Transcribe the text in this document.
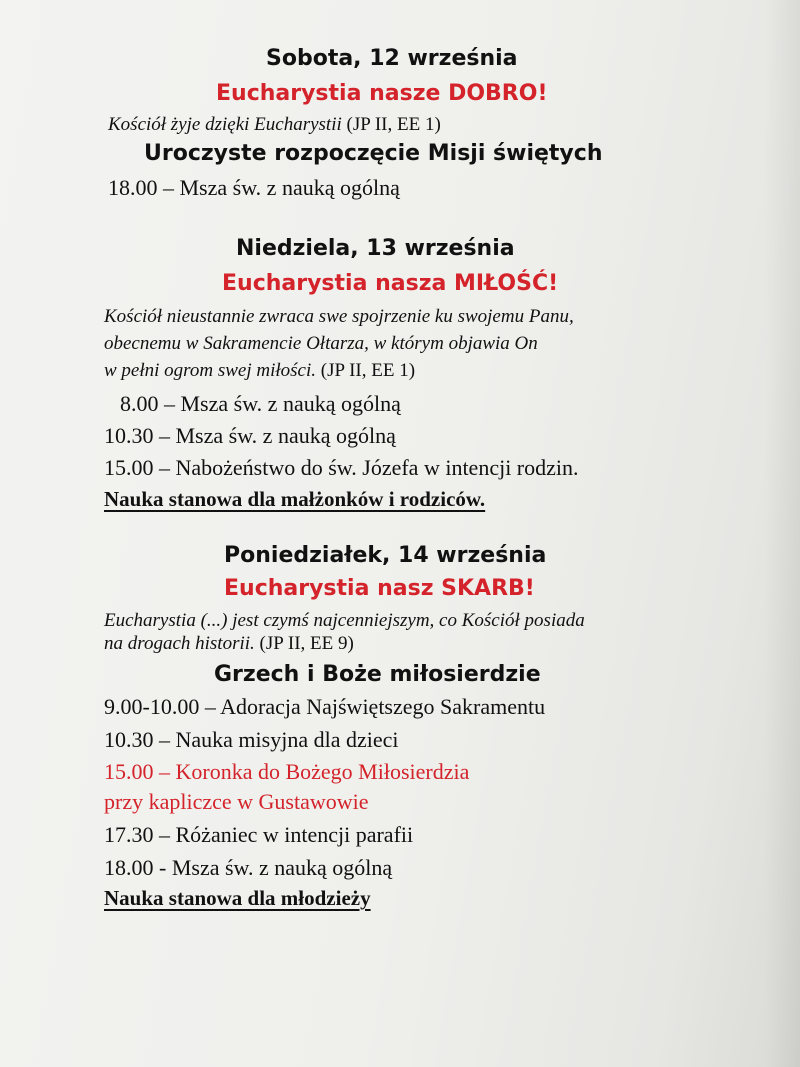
Sobota, 12 września
Eucharystia nasze DOBRO!
Kościół żyje dzięki Eucharystii (JP II, EE 1)
Uroczyste rozpoczęcie Misji świętych
18.00 – Msza św. z nauką ogólną
Niedziela, 13 września
Eucharystia nasza MIŁOŚĆ!
Kościół nieustannie zwraca swe spojrzenie ku swojemu Panu,
obecnemu w Sakramencie Ołtarza, w którym objawia On
w pełni ogrom swej miłości. (JP II, EE 1)
8.00 – Msza św. z nauką ogólną
10.30 – Msza św. z nauką ogólną
15.00 – Nabożeństwo do św. Józefa w intencji rodzin.
Nauka stanowa dla małżonków i rodziców.
Poniedziałek, 14 września
Eucharystia nasz SKARB!
Eucharystia (...) jest czymś najcenniejszym, co Kościół posiada
na drogach historii. (JP II, EE 9)
Grzech i Boże miłosierdzie
9.00-10.00 – Adoracja Najświętszego Sakramentu
10.30 – Nauka misyjna dla dzieci
15.00 – Koronka do Bożego Miłosierdzia
przy kapliczce w Gustawowie
17.30 – Różaniec w intencji parafii
18.00 - Msza św. z nauką ogólną
Nauka stanowa dla młodzieży
